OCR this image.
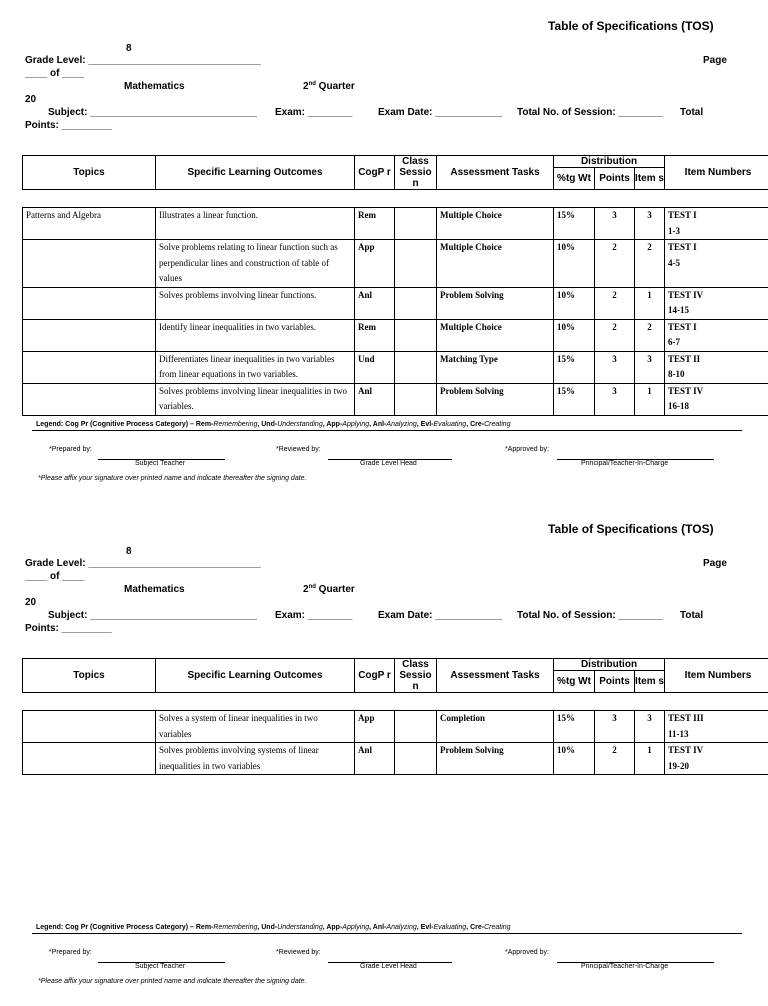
Table of Specifications (TOS)
8
Grade Level: _______________________________	Page
____ of ____
Mathematics	2nd Quarter
20
Subject: ______________________________ Exam: ________	Exam Date: ____________ Total No. of Session: ________ Total
Points: _________
Topics	Specific Learning Outcomes	CogP r	Class Sessio n	Assessment Tasks	Distribution			Item Numbers
					%tg Wt	Points	Item s	
Patterns and Algebra	Illustrates a linear function.	Rem		Multiple Choice	15%	3	3	TEST I
1-3

	Solve problems relating to linear function such as perpendicular lines and construction of table of values	App		Multiple Choice	10%	2	2	TEST I
4-5

	Solves problems involving linear functions.	Anl		Problem Solving	10%	2	1	TEST IV
14-15

	Identify linear inequalities in two variables.	Rem		Multiple Choice	10%	2	2	TEST I
6-7

	Differentiates linear inequalities in two variables from linear equations in two variables.	Und		Matching Type	15%	3	3	TEST II
8-10

	Solves problems involving linear inequalities in two variables.	Anl		Problem Solving	15%	3	1	TEST IV
16-18
Legend: Cog Pr (Cognitive Process Category) – Rem-Remembering, Und-Understanding, App-Applying, Anl-Analyzing, Evl-Evaluating, Cre-Creating
*Prepared by:
Subject Teacher
*Reviewed by:
Grade Level Head
*Approved by:
Principal/Teacher-In-Charge
*Please affix your signature over printed name and indicate thereafter the signing date.
Table of Specifications (TOS)
8
Grade Level: _______________________________	Page
____ of ____
Mathematics	2nd Quarter
20
Subject: ______________________________ Exam: ________	Exam Date: ____________ Total No. of Session: ________ Total
Points: _________
Topics	Specific Learning Outcomes	CogP r	Class Sessio n	Assessment Tasks	Distribution			Item Numbers
					%tg Wt	Points	Item s	
	Solves a system of linear inequalities in two variables	App		Completion	15%	3	3	TEST III
11-13

	Solves problems involving systems of linear inequalities in two variables	Anl		Problem Solving	10%	2	1	TEST IV
19-20
Legend: Cog Pr (Cognitive Process Category) – Rem-Remembering, Und-Understanding, App-Applying, Anl-Analyzing, Evl-Evaluating, Cre-Creating
*Prepared by:
Subject Teacher
*Reviewed by:
Grade Level Head
*Approved by:
Principal/Teacher-In-Charge
*Please affix your signature over printed name and indicate thereafter the signing date.
